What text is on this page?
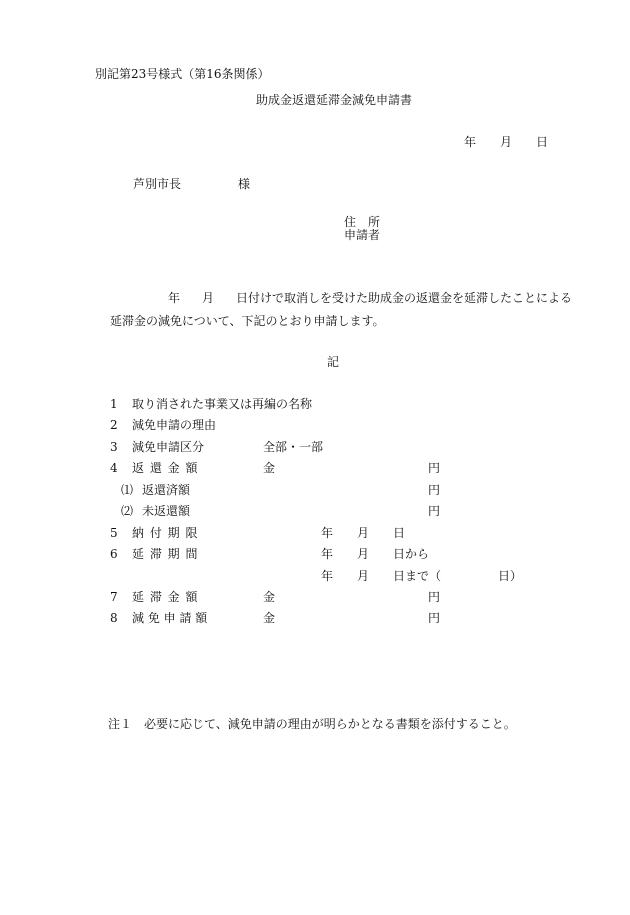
別記第23号様式（第16条関係）
助成金返還延滞金減免申請書
年 月 日
芦別市長	様
住　所
申請者
年 月 日付けで取消しを受けた助成金の返還金を延滞したことによる
延滞金の減免について、下記のとおり申請します。
記
1 取り消された事業又は再編の名称
2 減免申請の理由
3 減免申請区分	全部・一部
4 返 還 金 額	金	円
⑴ 返還済額	円
⑵ 未返還額	円
5 納 付 期 限	年 月 日
6 延 滞 期 間	年 月 日から
年 月 日まで（	日）
7 延 滞 金 額	金	円
8 減 免 申 請 額	金	円
注１ 必要に応じて、減免申請の理由が明らかとなる書類を添付すること。
